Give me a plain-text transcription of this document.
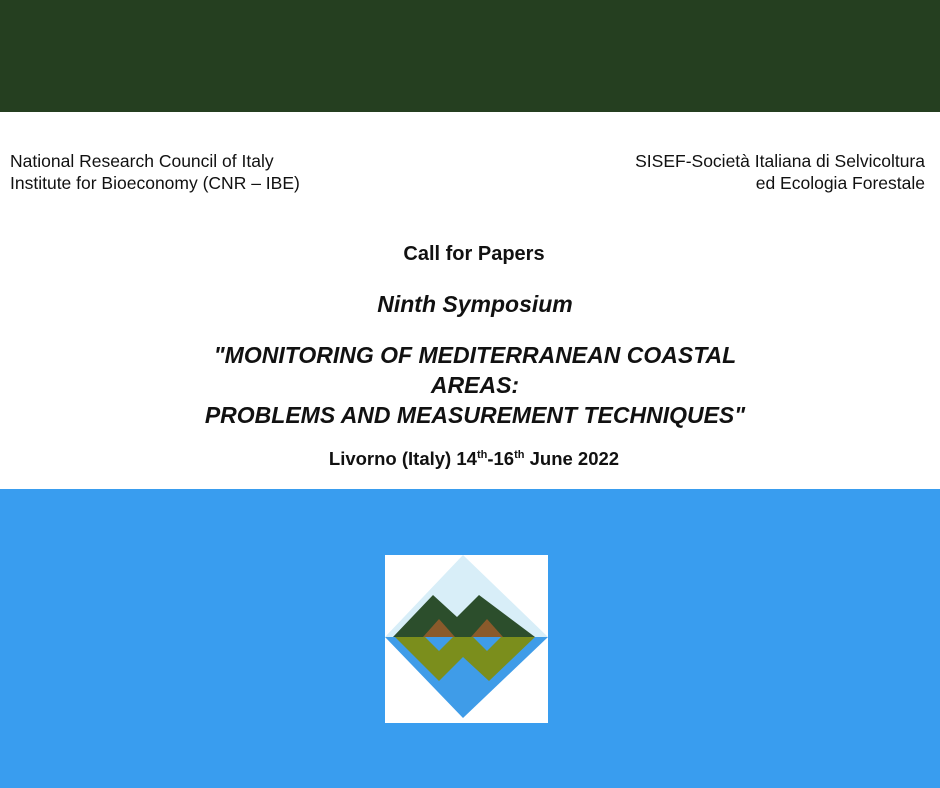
National Research Council of Italy
Institute for Bioeconomy (CNR – IBE)
SISEF-Società Italiana di Selvicoltura
ed Ecologia Forestale
Call for Papers
Ninth Symposium
"MONITORING OF MEDITERRANEAN COASTAL
AREAS:
PROBLEMS AND MEASUREMENT TECHNIQUES"
Livorno (Italy) 14th-16th June 2022
